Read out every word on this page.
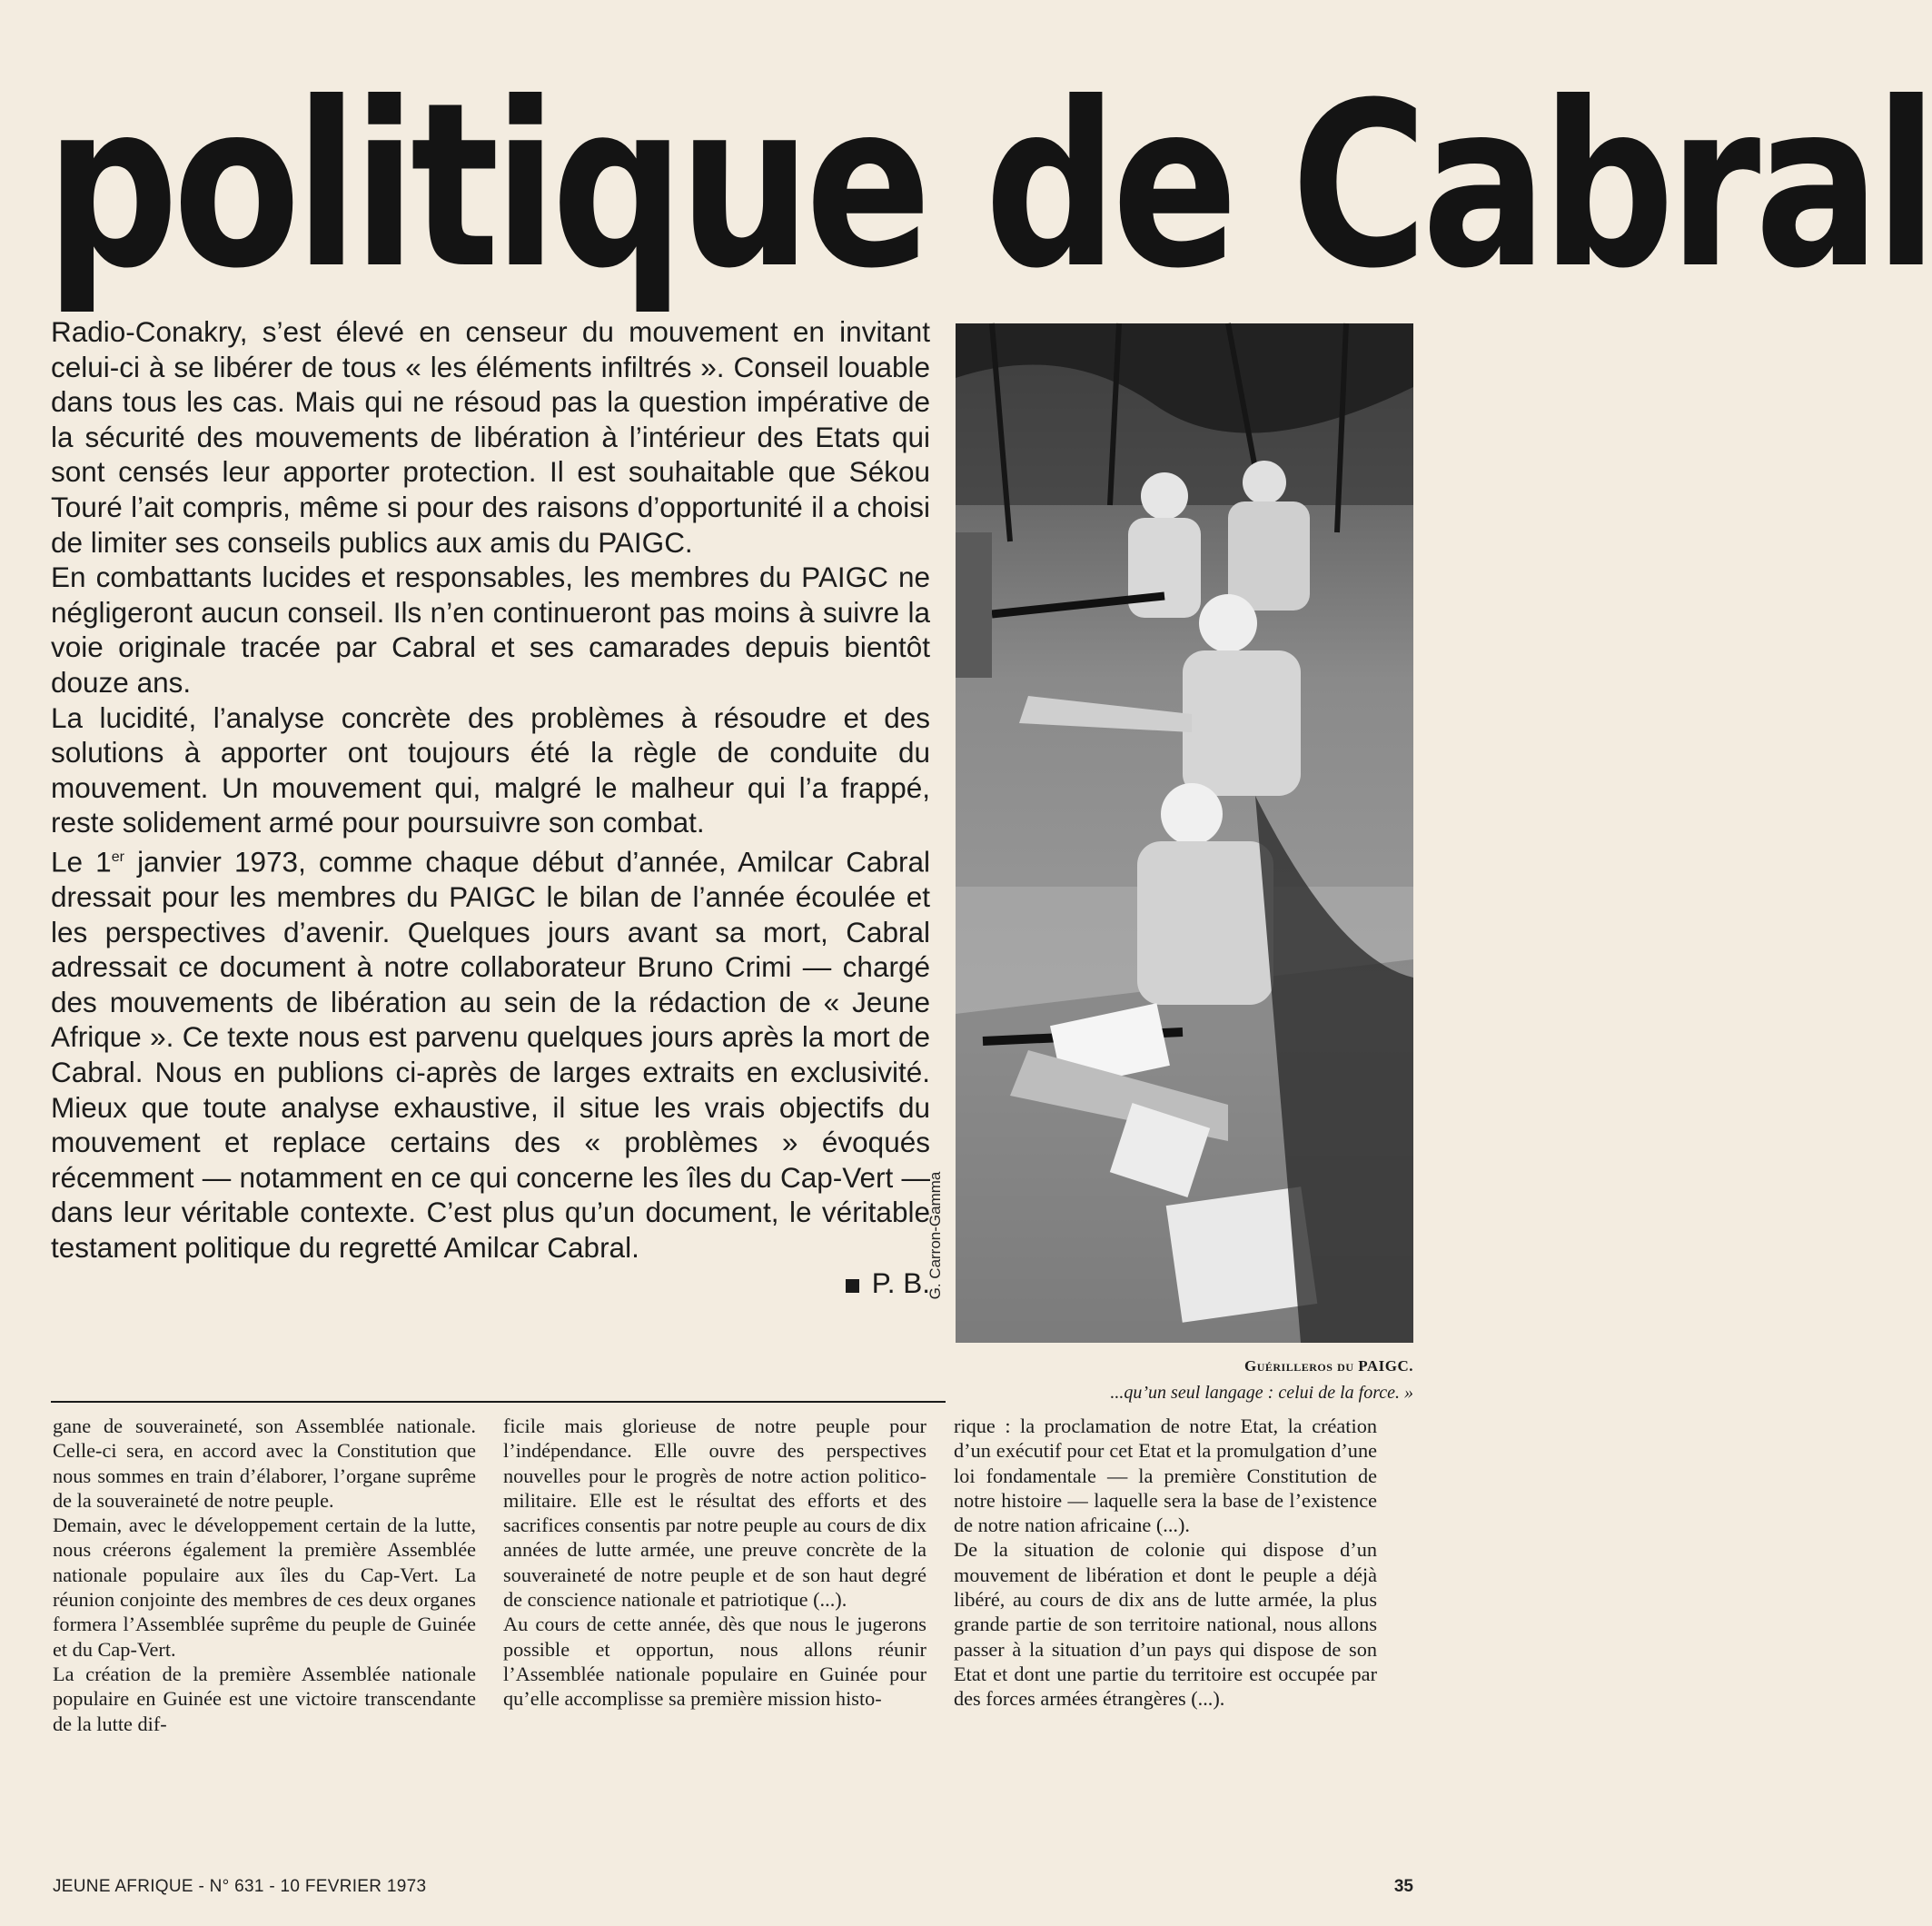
politique de Cabral

Radio-Conakry, s’est élevé en censeur du mouvement en invitant celui-ci à se libérer de tous « les éléments infiltrés ». Conseil louable dans tous les cas. Mais qui ne résoud pas la question impérative de la sécurité des mouvements de libération à l’intérieur des Etats qui sont censés leur apporter protection. Il est souhaitable que Sékou Touré l’ait compris, même si pour des raisons d’opportunité il a choisi de limiter ses conseils publics aux amis du PAIGC.

En combattants lucides et responsables, les membres du PAIGC ne négligeront aucun conseil. Ils n’en continueront pas moins à suivre la voie originale tracée par Cabral et ses camarades depuis bientôt douze ans.

La lucidité, l’analyse concrète des problèmes à résoudre et des solutions à apporter ont toujours été la règle de conduite du mouvement. Un mouvement qui, malgré le malheur qui l’a frappé, reste solidement armé pour poursuivre son combat.

Le 1er janvier 1973, comme chaque début d’année, Amilcar Cabral dressait pour les membres du PAIGC le bilan de l’année écoulée et les perspectives d’avenir. Quelques jours avant sa mort, Cabral adressait ce document à notre collaborateur Bruno Crimi — chargé des mouvements de libération au sein de la rédaction de « Jeune Afrique ». Ce texte nous est parvenu quelques jours après la mort de Cabral. Nous en publions ci-après de larges extraits en exclusivité. Mieux que toute analyse exhaustive, il situe les vrais objectifs du mouvement et replace certains des « problèmes » évoqués récemment — notamment en ce qui concerne les îles du Cap-Vert — dans leur véritable contexte. C’est plus qu’un document, le véritable testament politique du regretté Amilcar Cabral.

P. B.

G. Carron-Gamma
Guérilleros du PAIGC.
...qu’un seul langage : celui de la force. »

gane de souveraineté, son Assemblée nationale. Celle-ci sera, en accord avec la Constitution que nous sommes en train d’élaborer, l’organe suprême de la souveraineté de notre peuple.

Demain, avec le développement certain de la lutte, nous créerons également la première Assemblée nationale populaire aux îles du Cap-Vert. La réunion conjointe des membres de ces deux organes formera l’Assemblée suprême du peuple de Guinée et du Cap-Vert.

La création de la première Assemblée nationale populaire en Guinée est une victoire transcendante de la lutte dif-

ficile mais glorieuse de notre peuple pour l’indépendance. Elle ouvre des perspectives nouvelles pour le progrès de notre action politico-militaire. Elle est le résultat des efforts et des sacrifices consentis par notre peuple au cours de dix années de lutte armée, une preuve concrète de la souveraineté de notre peuple et de son haut degré de conscience nationale et patriotique (...).

Au cours de cette année, dès que nous le jugerons possible et opportun, nous allons réunir l’Assemblée nationale populaire en Guinée pour qu’elle accomplisse sa première mission histo-

rique : la proclamation de notre Etat, la création d’un exécutif pour cet Etat et la promulgation d’une loi fondamentale — la première Constitution de notre histoire — laquelle sera la base de l’existence de notre nation africaine (...).

De la situation de colonie qui dispose d’un mouvement de libération et dont le peuple a déjà libéré, au cours de dix ans de lutte armée, la plus grande partie de son territoire national, nous allons passer à la situation d’un pays qui dispose de son Etat et dont une partie du territoire est occupée par des forces armées étrangères (...).

JEUNE AFRIQUE - N° 631 - 10 FEVRIER 1973	35
